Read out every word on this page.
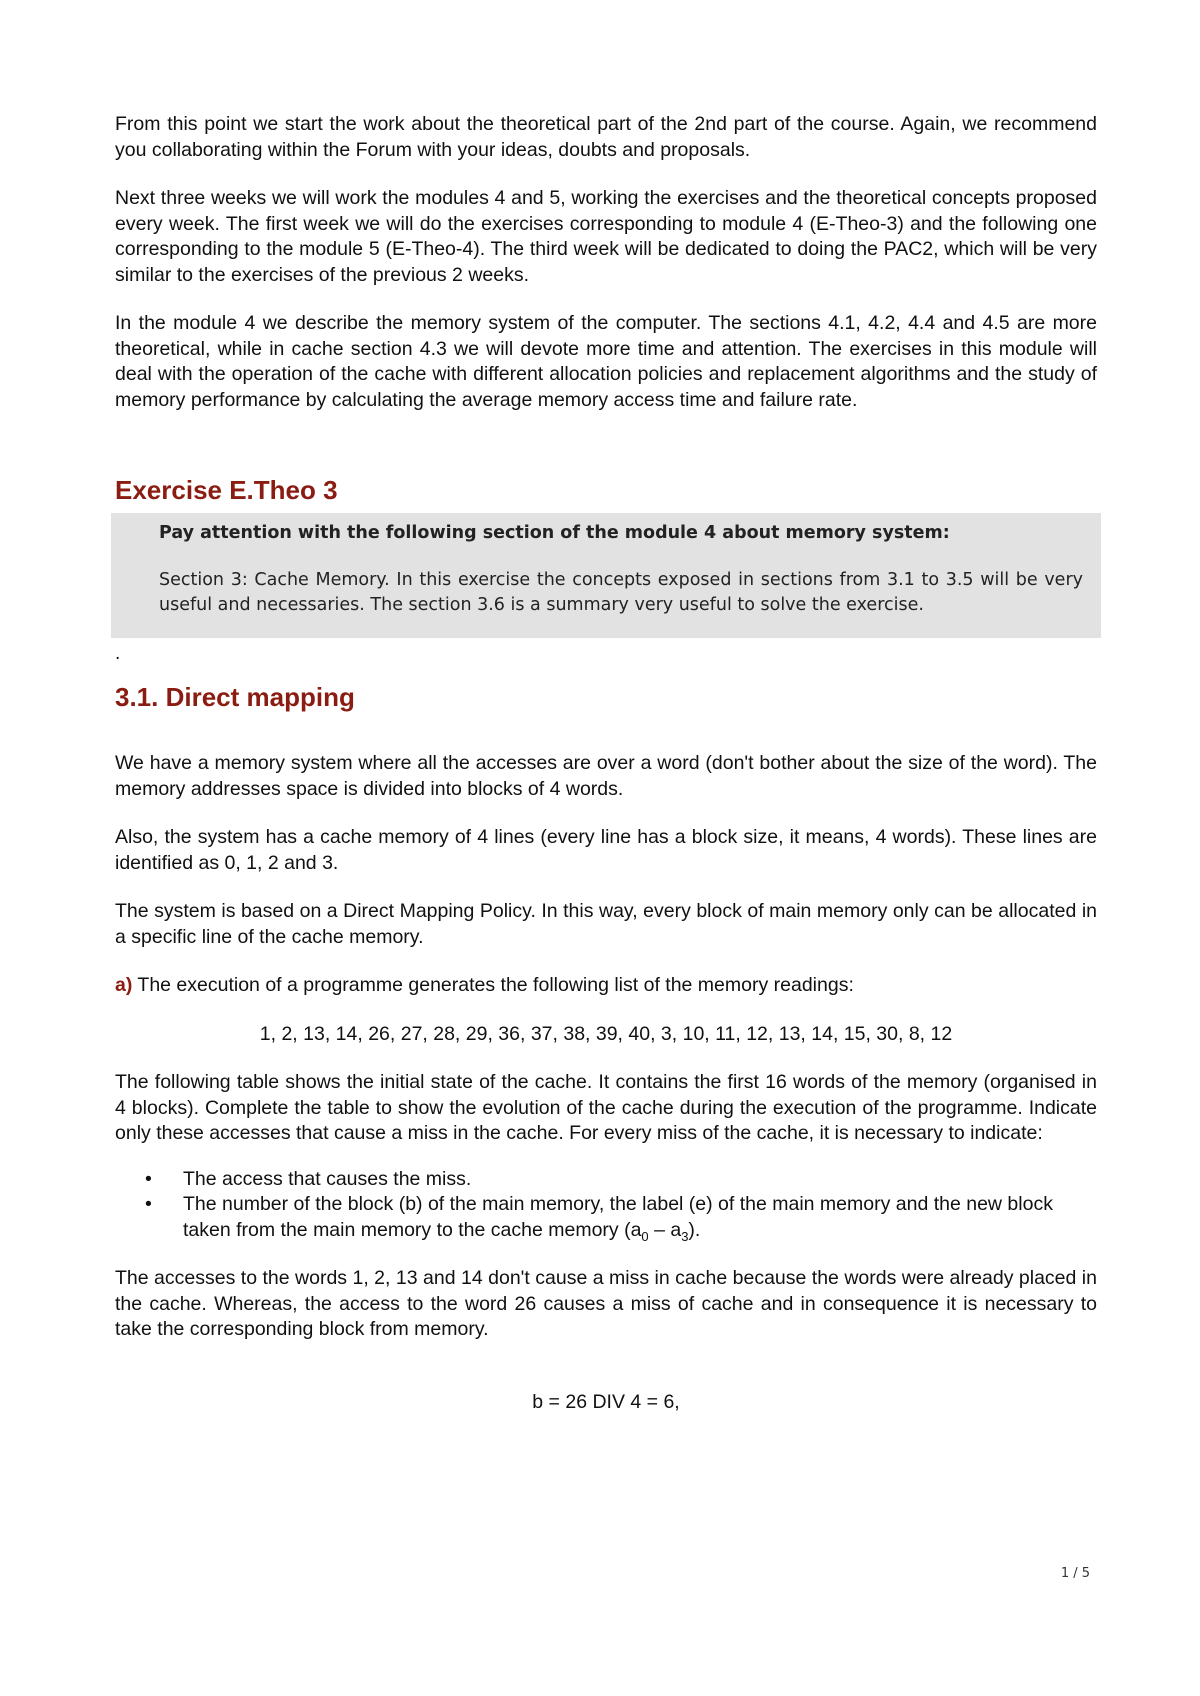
From this point we start the work about the theoretical part of the 2nd part of the course. Again, we recommend you collaborating within the Forum with your ideas, doubts and proposals.

Next three weeks we will work the modules 4 and 5, working the exercises and the theoretical concepts proposed every week. The first week we will do the exercises corresponding to module 4 (E-Theo-3) and the following one corresponding to the module 5 (E-Theo-4). The third week will be dedicated to doing the PAC2, which will be very similar to the exercises of the previous 2 weeks.

In the module 4 we describe the memory system of the computer. The sections 4.1, 4.2, 4.4 and 4.5 are more theoretical, while in cache section 4.3 we will devote more time and attention. The exercises in this module will deal with the operation of the cache with different allocation policies and replacement algorithms and the study of memory performance by calculating the average memory access time and failure rate.

Exercise E.Theo 3
Pay attention with the following section of the module 4 about memory system:

Section 3: Cache Memory. In this exercise the concepts exposed in sections from 3.1 to 3.5 will be very useful and necessaries. The section 3.6 is a summary very useful to solve the exercise.

.
3.1. Direct mapping

We have a memory system where all the accesses are over a word (don't bother about the size of the word). The memory addresses space is divided into blocks of 4 words.

Also, the system has a cache memory of 4 lines (every line has a block size, it means, 4 words). These lines are identified as 0, 1, 2 and 3.

The system is based on a Direct Mapping Policy. In this way, every block of main memory only can be allocated in a specific line of the cache memory.

a) The execution of a programme generates the following list of the memory readings:

1, 2, 13, 14, 26, 27, 28, 29, 36, 37, 38, 39, 40, 3, 10, 11, 12, 13, 14, 15, 30, 8, 12

The following table shows the initial state of the cache. It contains the first 16 words of the memory (organised in 4 blocks). Complete the table to show the evolution of the cache during the execution of the programme. Indicate only these accesses that cause a miss in the cache. For every miss of the cache, it is necessary to indicate:

• The access that causes the miss.
• The number of the block (b) of the main memory, the label (e) of the main memory and the new block taken from the main memory to the cache memory $(a_0 - a_3)$.

The accesses to the words 1, 2, 13 and 14 don't cause a miss in cache because the words were already placed in the cache. Whereas, the access to the word 26 causes a miss of cache and in consequence it is necessary to take the corresponding block from memory.

b = 26 DIV 4 = 6,
1 / 5
